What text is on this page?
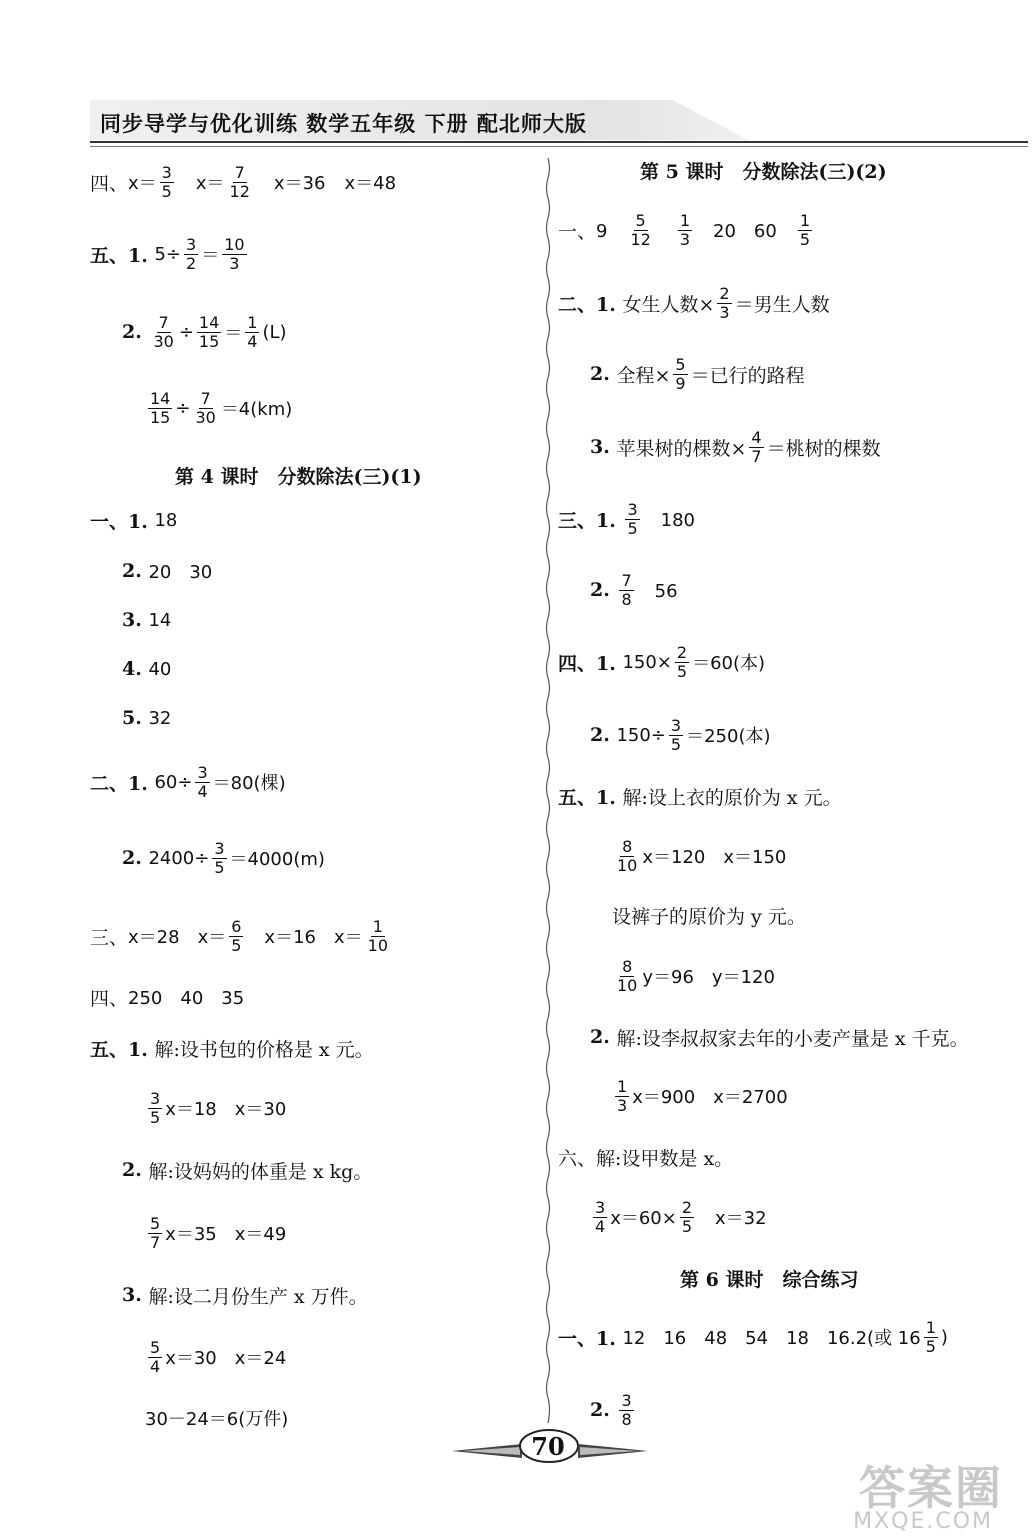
同步导学与优化训练 数学五年级 下册 配北师大版
四、 $x= \frac{3}{5}$
　 $x= \frac{7}{12}$
　 x＝36
　 x＝48
五、1. $5\div \frac{3}{2} = \frac{10}{3}$
2. $\frac{7}{30} \div \frac{14}{15} = \frac{1}{4} (L)$
$\frac{14}{15} \div \frac{7}{30} =4(km)$
第 4 课时　分数除法(三)(1)
一、1. 18
2. 20　30
3. 14
4. 40
5. 32
二、1. $60\div \frac{3}{4} =80$(棵)
2. $2400\div \frac{3}{5} =4000(m)$
三、 x＝28　 $x= \frac{6}{5}$ 　x＝16　 $x= \frac{1}{10}$
四、 250　40　35
五、1. 解:设书包的价格是 x 元。
$\frac{3}{5} x=18$　x＝30
2. 解:设妈妈的体重是 x kg。
$\frac{5}{7} x=35$　x＝49
3. 解:设二月份生产 x 万件。
$\frac{5}{4} x=30$　x＝24
30－24＝6(万件)
第 5 课时　分数除法(三)(2)
一、 9　 $\frac{5}{12}$
　 $\frac{1}{3}$ 　20　60　 $\frac{1}{5}$
二、1. 女生人数× $\frac{2}{3}$ ＝男生人数
2. 全程× $\frac{5}{9}$ ＝已行的路程
3. 苹果树的棵数× $\frac{4}{7}$ ＝桃树的棵数
三、1. $\frac{3}{5}$ 　180
2. $\frac{7}{8}$ 　56
四、1. $150\times \frac{2}{5} =60$(本)
2. $150\div \frac{3}{5} =250$(本)
五、1. 解:设上衣的原价为 x 元。
$\frac{8}{10} x=120$　x＝150
设裤子的原价为 y 元。
$\frac{8}{10} y=96$　y＝120
2. 解:设李叔叔家去年的小麦产量是 x 千克。
$\frac{1}{3} x=900$　x＝2700
六、 解:设甲数是 x。
$\frac{3}{4} x=60\times \frac{2}{5}$ 　x＝32
第 6 课时　综合练习
一、1. 12　16　48　54　18　16.2(或 $16 \frac{1}{5}$ )
2. $\frac{3}{8}$
70
答案圈
MXQE.COM
